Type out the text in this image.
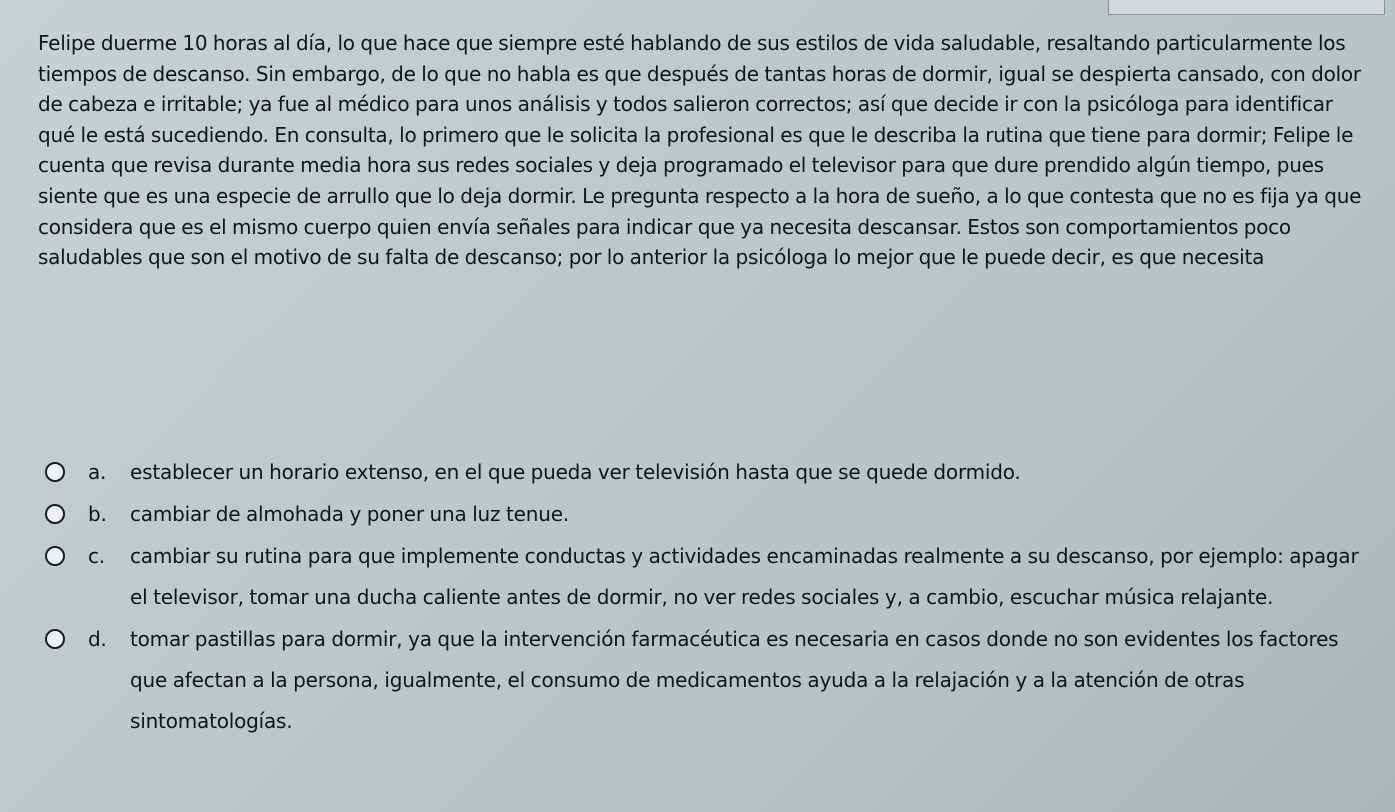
Felipe duerme 10 horas al día, lo que hace que siempre esté hablando de sus estilos de vida saludable, resaltando particularmente los tiempos de descanso. Sin embargo, de lo que no habla es que después de tantas horas de dormir, igual se despierta cansado, con dolor de cabeza e irritable; ya fue al médico para unos análisis y todos salieron correctos; así que decide ir con la psicóloga para identificar qué le está sucediendo. En consulta, lo primero que le solicita la profesional es que le describa la rutina que tiene para dormir; Felipe le cuenta que revisa durante media hora sus redes sociales y deja programado el televisor para que dure prendido algún tiempo, pues siente que es una especie de arrullo que lo deja dormir. Le pregunta respecto a la hora de sueño, a lo que contesta que no es fija ya que considera que es el mismo cuerpo quien envía señales para indicar que ya necesita descansar. Estos son comportamientos poco saludables que son el motivo de su falta de descanso; por lo anterior la psicóloga lo mejor que le puede decir, es que necesita

a. establecer un horario extenso, en el que pueda ver televisión hasta que se quede dormido.
b. cambiar de almohada y poner una luz tenue.
c. cambiar su rutina para que implemente conductas y actividades encaminadas realmente a su descanso, por ejemplo: apagar el televisor, tomar una ducha caliente antes de dormir, no ver redes sociales y, a cambio, escuchar música relajante.
d. tomar pastillas para dormir, ya que la intervención farmacéutica es necesaria en casos donde no son evidentes los factores que afectan a la persona, igualmente, el consumo de medicamentos ayuda a la relajación y a la atención de otras sintomatologías.
